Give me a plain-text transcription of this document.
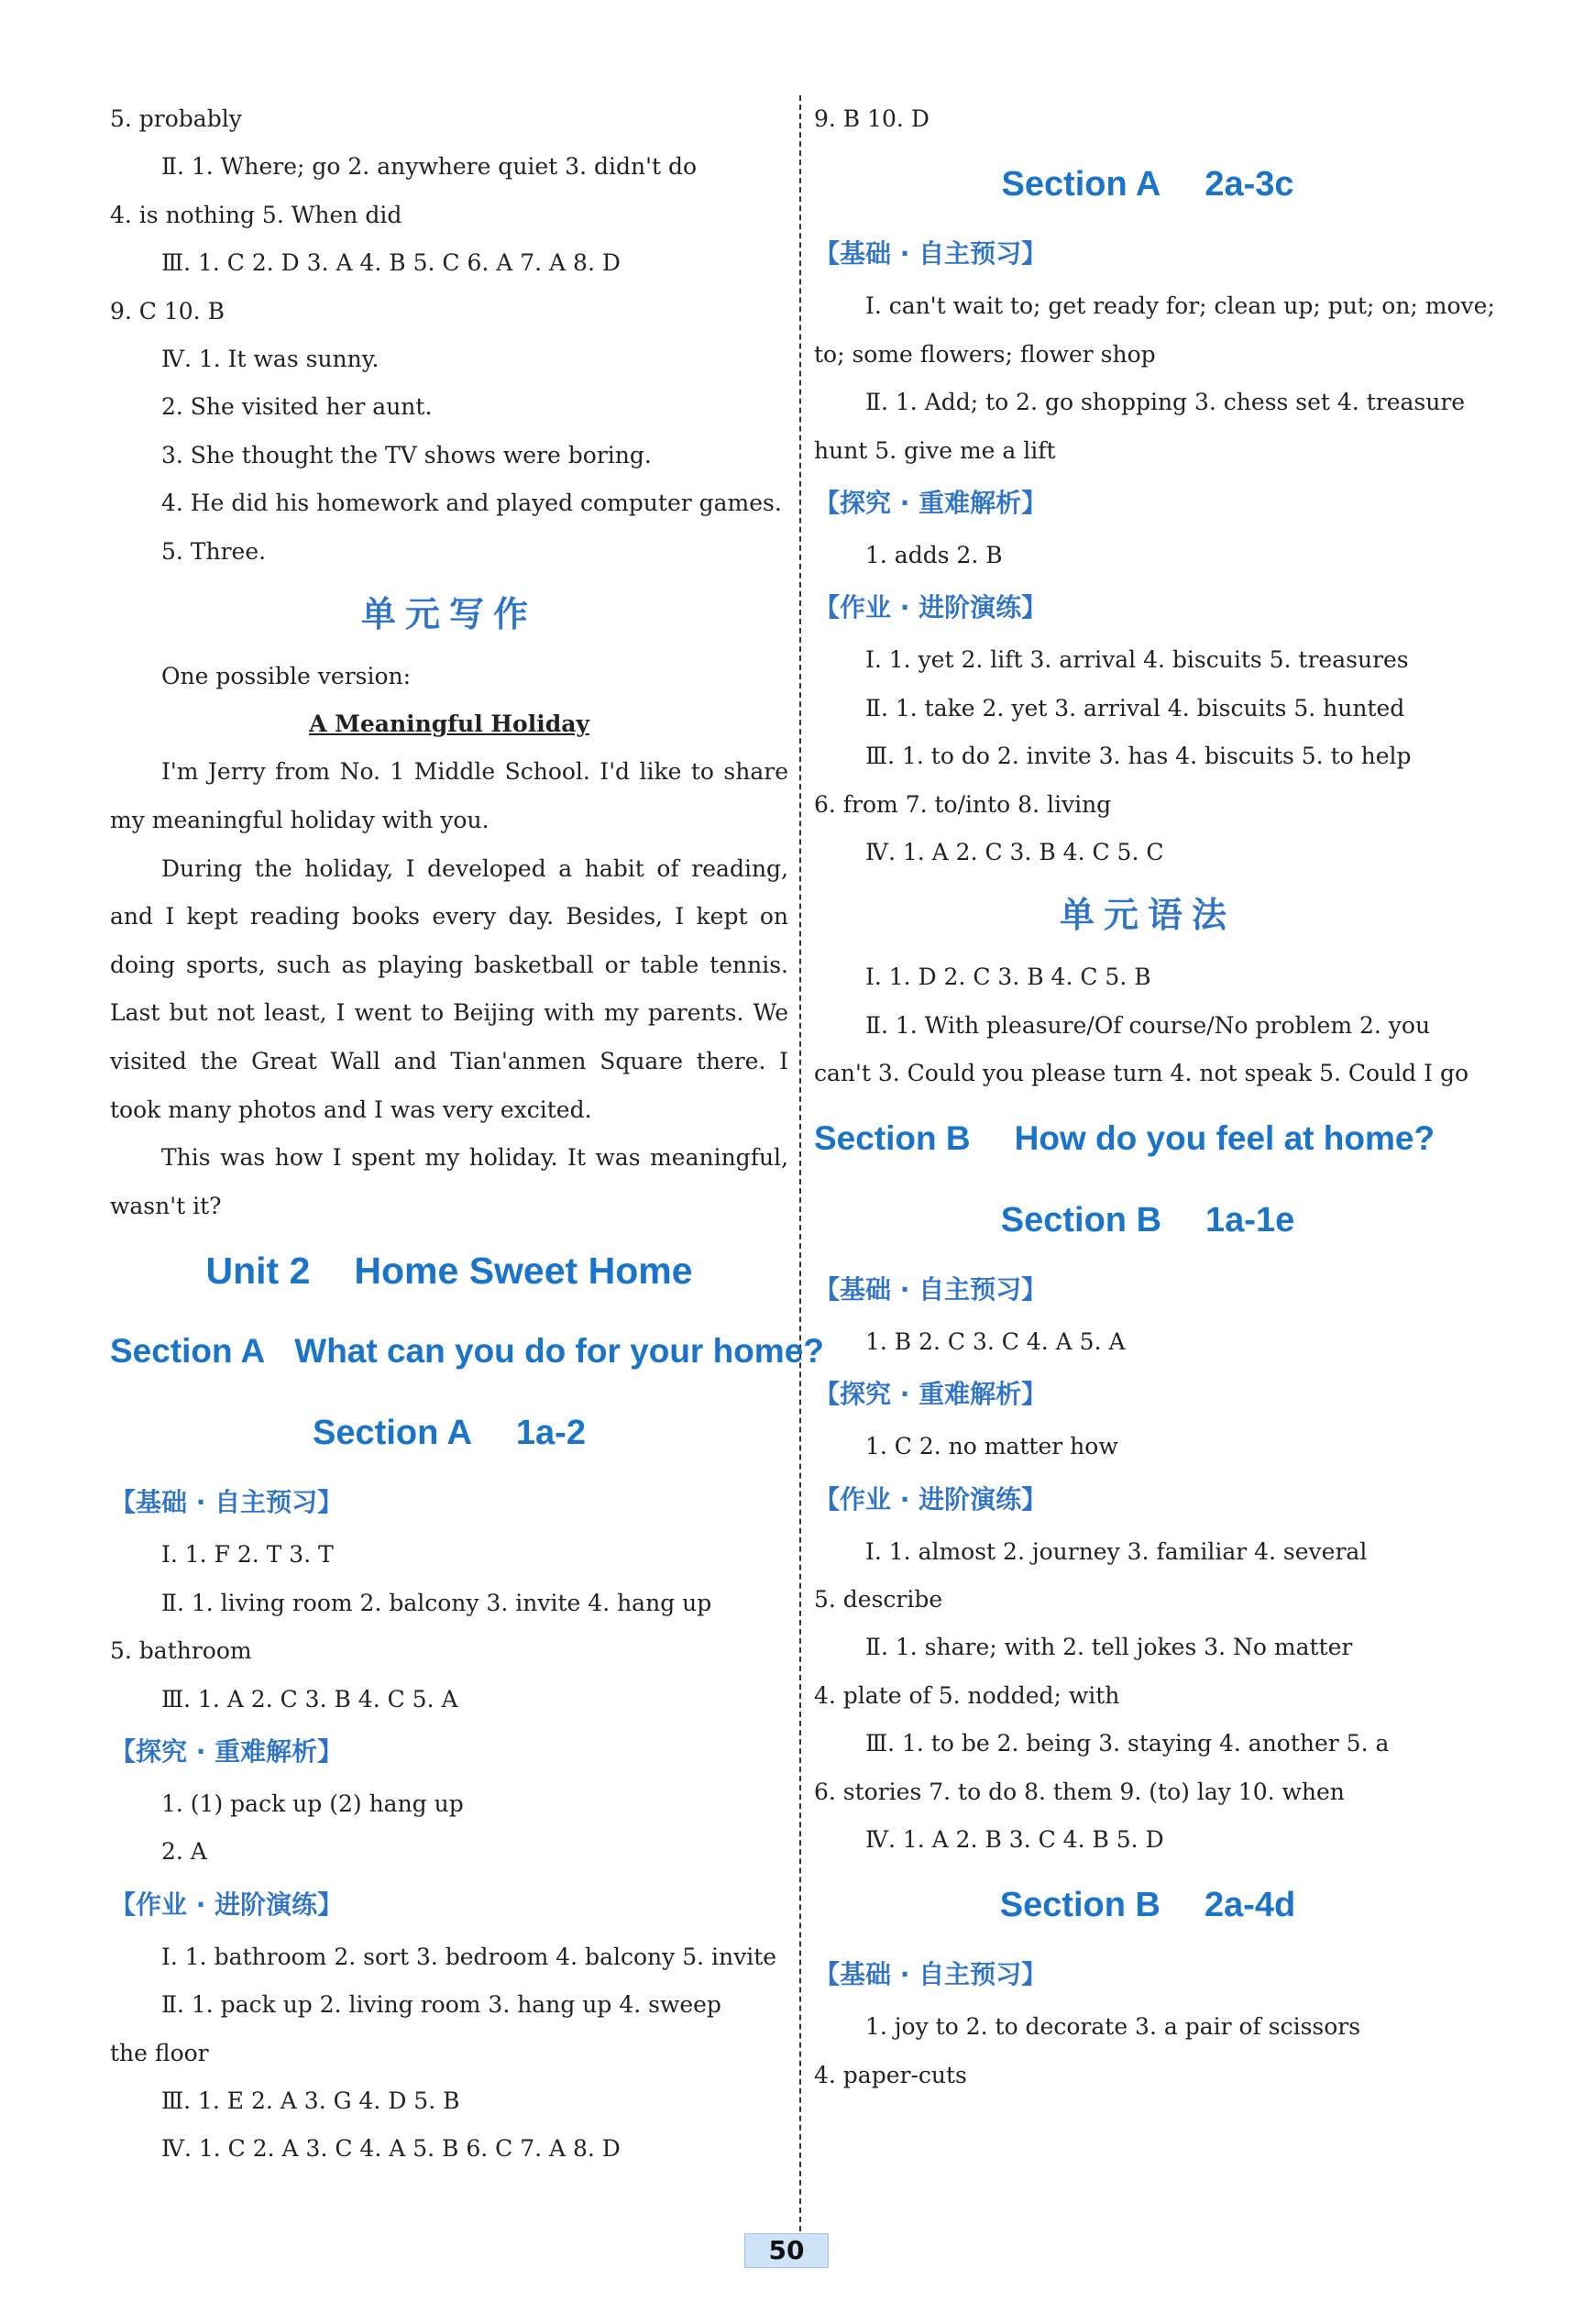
5. probably
Ⅱ. 1. Where; go 2. anywhere quiet 3. didn't do
4. is nothing 5. When did
Ⅲ. 1. C 2. D 3. A 4. B 5. C 6. A 7. A 8. D
9. C 10. B
Ⅳ. 1. It was sunny.
2. She visited her aunt.
3. She thought the TV shows were boring.
4. He did his homework and played computer games.
5. Three.
单元写作
One possible version:
A Meaningful Holiday
I'm Jerry from No. 1 Middle School. I'd like to share my meaningful holiday with you.
During the holiday, I developed a habit of reading, and I kept reading books every day. Besides, I kept on doing sports, such as playing basketball or table tennis. Last but not least, I went to Beijing with my parents. We visited the Great Wall and Tian'anmen Square there. I took many photos and I was very excited.
This was how I spent my holiday. It was meaningful, wasn't it?
Unit 2 Home Sweet Home
Section A What can you do for your home?
Section A 1a-2
【基础 · 自主预习】
Ⅰ. 1. F 2. T 3. T
Ⅱ. 1. living room 2. balcony 3. invite 4. hang up
5. bathroom
Ⅲ. 1. A 2. C 3. B 4. C 5. A
【探究 · 重难解析】
1. (1) pack up (2) hang up
2. A
【作业 · 进阶演练】
Ⅰ. 1. bathroom 2. sort 3. bedroom 4. balcony 5. invite
Ⅱ. 1. pack up 2. living room 3. hang up 4. sweep
the floor
Ⅲ. 1. E 2. A 3. G 4. D 5. B
Ⅳ. 1. C 2. A 3. C 4. A 5. B 6. C 7. A 8. D
9. B 10. D
Section A 2a-3c
【基础 · 自主预习】
Ⅰ. can't wait to; get ready for; clean up; put; on; move;
to; some flowers; flower shop
Ⅱ. 1. Add; to 2. go shopping 3. chess set 4. treasure
hunt 5. give me a lift
【探究 · 重难解析】
1. adds 2. B
【作业 · 进阶演练】
Ⅰ. 1. yet 2. lift 3. arrival 4. biscuits 5. treasures
Ⅱ. 1. take 2. yet 3. arrival 4. biscuits 5. hunted
Ⅲ. 1. to do 2. invite 3. has 4. biscuits 5. to help
6. from 7. to/into 8. living
Ⅳ. 1. A 2. C 3. B 4. C 5. C
单元语法
Ⅰ. 1. D 2. C 3. B 4. C 5. B
Ⅱ. 1. With pleasure/Of course/No problem 2. you
can't 3. Could you please turn 4. not speak 5. Could I go
Section B How do you feel at home?
Section B 1a-1e
【基础 · 自主预习】
1. B 2. C 3. C 4. A 5. A
【探究 · 重难解析】
1. C 2. no matter how
【作业 · 进阶演练】
Ⅰ. 1. almost 2. journey 3. familiar 4. several
5. describe
Ⅱ. 1. share; with 2. tell jokes 3. No matter
4. plate of 5. nodded; with
Ⅲ. 1. to be 2. being 3. staying 4. another 5. a
6. stories 7. to do 8. them 9. (to) lay 10. when
Ⅳ. 1. A 2. B 3. C 4. B 5. D
Section B 2a-4d
【基础 · 自主预习】
1. joy to 2. to decorate 3. a pair of scissors
4. paper-cuts
50
